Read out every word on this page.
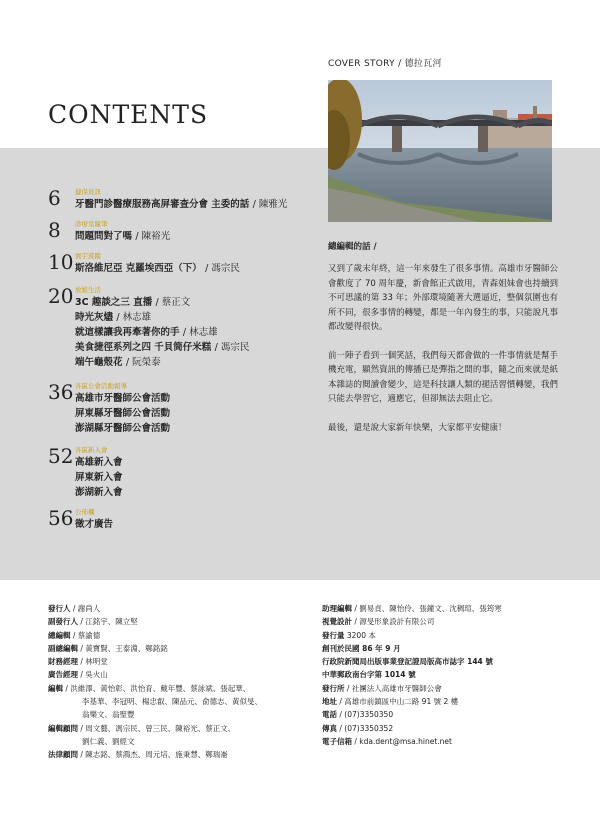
COVER STORY / 德拉瓦河
CONTENTS
6 健保資訊
牙醫門診醫療服務高屏審查分會 主委的話 / 陳雅光
8 診療室隨筆
問題問對了嗎 / 陳裕光
10 寰宇遊蹤
斯洛維尼亞 克羅埃西亞（下） / 馮宗民
20 放鬆生活
3C 趣談之三 直播 / 蔡正文
時光灰燼 / 林志雄
就這樣讓我再牽著你的手 / 林志雄
美食捷徑系列之四 千貝筒仔米糕 / 馮宗民
端午龜殼花 / 阮榮泰
36 各區公會活動報導
高雄市牙醫師公會活動
屏東縣牙醫師公會活動
澎湖縣牙醫師公會活動
52 各區新入會
高雄新入會
屏東新入會
澎湖新入會
56 公佈欄
徵才廣告
總編輯的話 /
又到了歲末年終，這一年來發生了很多事情。高雄市牙醫師公會歡度了 70 周年慶，新會館正式啟用，青森姐妹會也持續到不可思議的第 33 年；外部環境隨著大選逼近，整個氛圍也有所不同，很多事情的轉變，都是一年內發生的事，只能說凡事都改變得很快。
前一陣子看到一個笑話，我們每天都會做的一件事情就是幫手機充電，顯然資訊的傳播已是彈指之間的事，隨之而來就是紙本雜誌的閱讀會變少，這是科技讓人類的褪活習慣轉變，我們只能去學習它，適應它，但卻無法去阻止它。
最後，還是說大家新年快樂，大家都平安健康！
發行人 / 謝尚人
副發行人 / 江銘宇、陳立堅
總編輯 / 蔡諭德
副總編輯 / 黃寶賢、王泰淵、鄭銘銘
財務經理 / 林明堂
廣告經理 / 吳火山
編輯 / 洪維澤、黃怡彰、洪怡育、戴年豐、蔡詠斌、張起華、
李基華、李冠明、楊忠叡、陳品元、俞德志、黃似旻、
翁樂文、翁聖豐
編輯顧問 / 周文藝、馮宗民、曾三民、陳裕光、蔡正文、
劉仁義、劉經文
法律顧問 / 陳志銘、蔡鴻杰、周元培、施秉慧、鄭瑞崙
助理編輯 / 劉易貞、陳怡伶、張鐘文、沈稠瑄、張筠寒
視覺設計 / 源旻形象設計有限公司
發行量 3200 本
創刊於民國 86 年 9 月
行政院新聞局出版事業登記證局版高市誌字 144 號
中華郵政南台字第 1014 號
發行所 / 社團法人高雄市牙醫師公會
地址 / 高雄市前鎮區中山二路 91 號 2 樓
電話 / (07)3350350
傳真 / (07)3350352
電子信箱 / kda.dent@msa.hinet.net
